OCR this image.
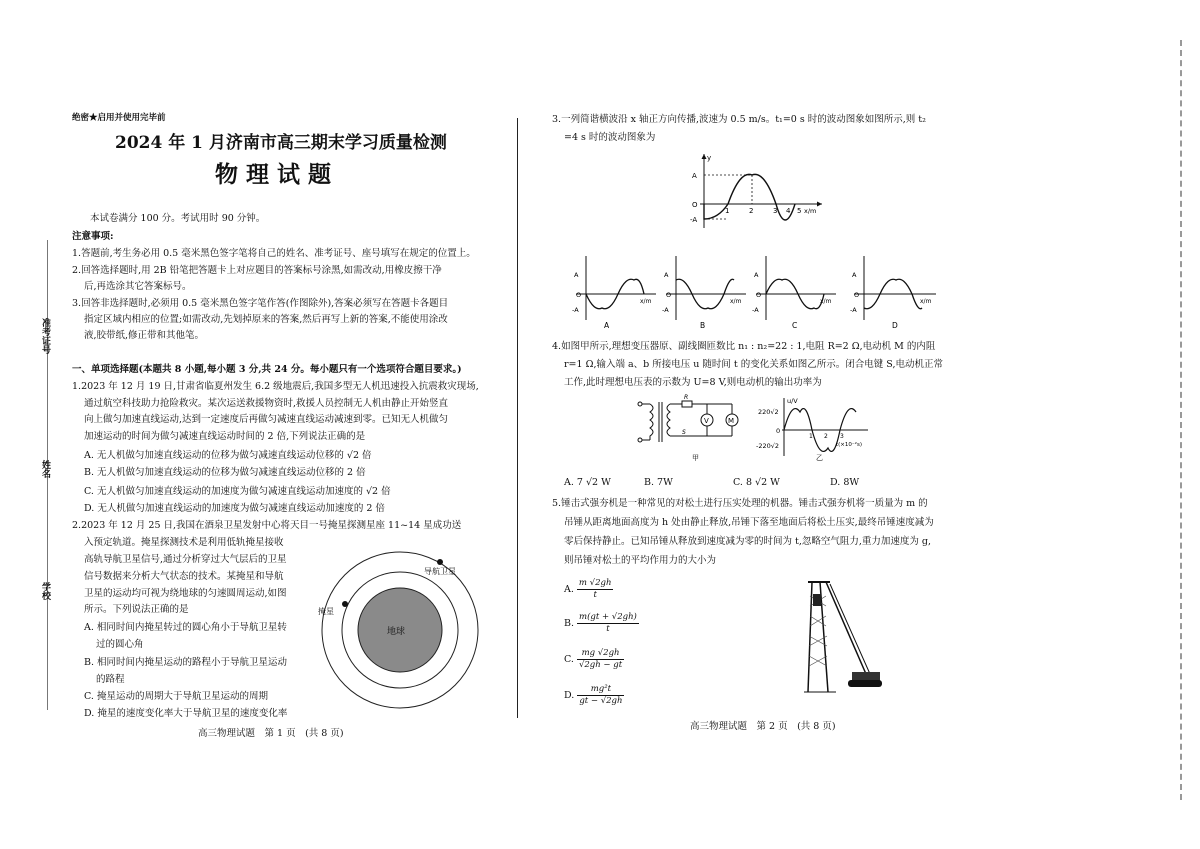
准考证号
姓名
学校
绝密★启用并使用完毕前
2024 年 1 月济南市高三期末学习质量检测
物 理 试 题
本试卷满分 100 分。考试用时 90 分钟。
注意事项:
1.答题前,考生务必用 0.5 毫米黑色签字笔将自己的姓名、准考证号、座号填写在规定的位置上。
2.回答选择题时,用 2B 铅笔把答题卡上对应题目的答案标号涂黑,如需改动,用橡皮擦干净
后,再选涂其它答案标号。
3.回答非选择题时,必须用 0.5 毫米黑色签字笔作答(作图除外),答案必须写在答题卡各题目
指定区域内相应的位置;如需改动,先划掉原来的答案,然后再写上新的答案,不能使用涂改
液,胶带纸,修正带和其他笔。
一、单项选择题(本题共 8 小题,每小题 3 分,共 24 分。每小题只有一个选项符合题目要求。)
1.2023 年 12 月 19 日,甘肃省临夏州发生 6.2 级地震后,我国多型无人机迅速投入抗震救灾现场,
通过航空科技助力抢险救灾。某次运送救援物资时,救援人员控制无人机由静止开始竖直
向上做匀加速直线运动,达到一定速度后再做匀减速直线运动减速到零。已知无人机做匀
加速运动的时间为做匀减速直线运动时间的 2 倍,下列说法正确的是
A. 无人机做匀加速直线运动的位移为做匀减速直线运动位移的 √2 倍
B. 无人机做匀加速直线运动的位移为做匀减速直线运动位移的 2 倍
C. 无人机做匀加速直线运动的加速度为做匀减速直线运动加速度的 √2 倍
D. 无人机做匀加速直线运动的加速度为做匀减速直线运动加速度的 2 倍
2.2023 年 12 月 25 日,我国在酒泉卫星发射中心将天目一号掩星探测星座 11~14 星成功送
入预定轨道。掩星探测技术是利用低轨掩星接收
高轨导航卫星信号,通过分析穿过大气层后的卫星
信号数据来分析大气状态的技术。某掩星和导航
卫星的运动均可视为绕地球的匀速圆周运动,如图
所示。下列说法正确的是
A. 相同时间内掩星转过的圆心角小于导航卫星转
过的圆心角
B. 相同时间内掩星运动的路程小于导航卫星运动
的路程
C. 掩星运动的周期大于导航卫星运动的周期
D. 掩星的速度变化率大于导航卫星的速度变化率
地球
导航卫星
掩星
高三物理试题　第 1 页　(共 8 页)
3.一列简谐横波沿 x 轴正方向传播,波速为 0.5 m/s。t₁=0 s 时的波动图象如图所示,则 t₂
=4 s 时的波动图象为
y
A
O
-A
1	2	3 4 5 x/m
A
O
-A
x/m
A
A
O
-A
x/m
B
A
O
-A
x/m
C
A
O
-A
x/m
D
4.如图甲所示,理想变压器原、副线圈匝数比 n₁ : n₂=22 : 1,电阻 R=2 Ω,电动机 M 的内阻
r=1 Ω,输入端 a、b 所接电压 u 随时间 t 的变化关系如图乙所示。闭合电键 S,电动机正常
工作,此时理想电压表的示数为 U=8 V,则电动机的输出功率为
R
V	M
S
甲
u/V
220√2
0
-220√2
1 2 3
t(×10⁻²s)
乙
A. 7 √2 W	B. 7W	C. 8 √2 W	D. 8W
5.锤击式强夯机是一种常见的对松土进行压实处理的机器。锤击式强夯机将一质量为 m 的
吊锤从距离地面高度为 h 处由静止释放,吊锤下落至地面后将松土压实,最终吊锤速度减为
零后保持静止。已知吊锤从释放到速度减为零的时间为 t,忽略空气阻力,重力加速度为 g,
则吊锤对松土的平均作用力的大小为
A. $\frac{m √2gh}{t}$
B. $\frac{m(gt + √2gh)}{t}$
C. $\frac{mg √2gh}{√2gh - gt}$
D. $\frac{\text{mg²t}}{gt - √2gh}$
高三物理试题　第 2 页　(共 8 页)
